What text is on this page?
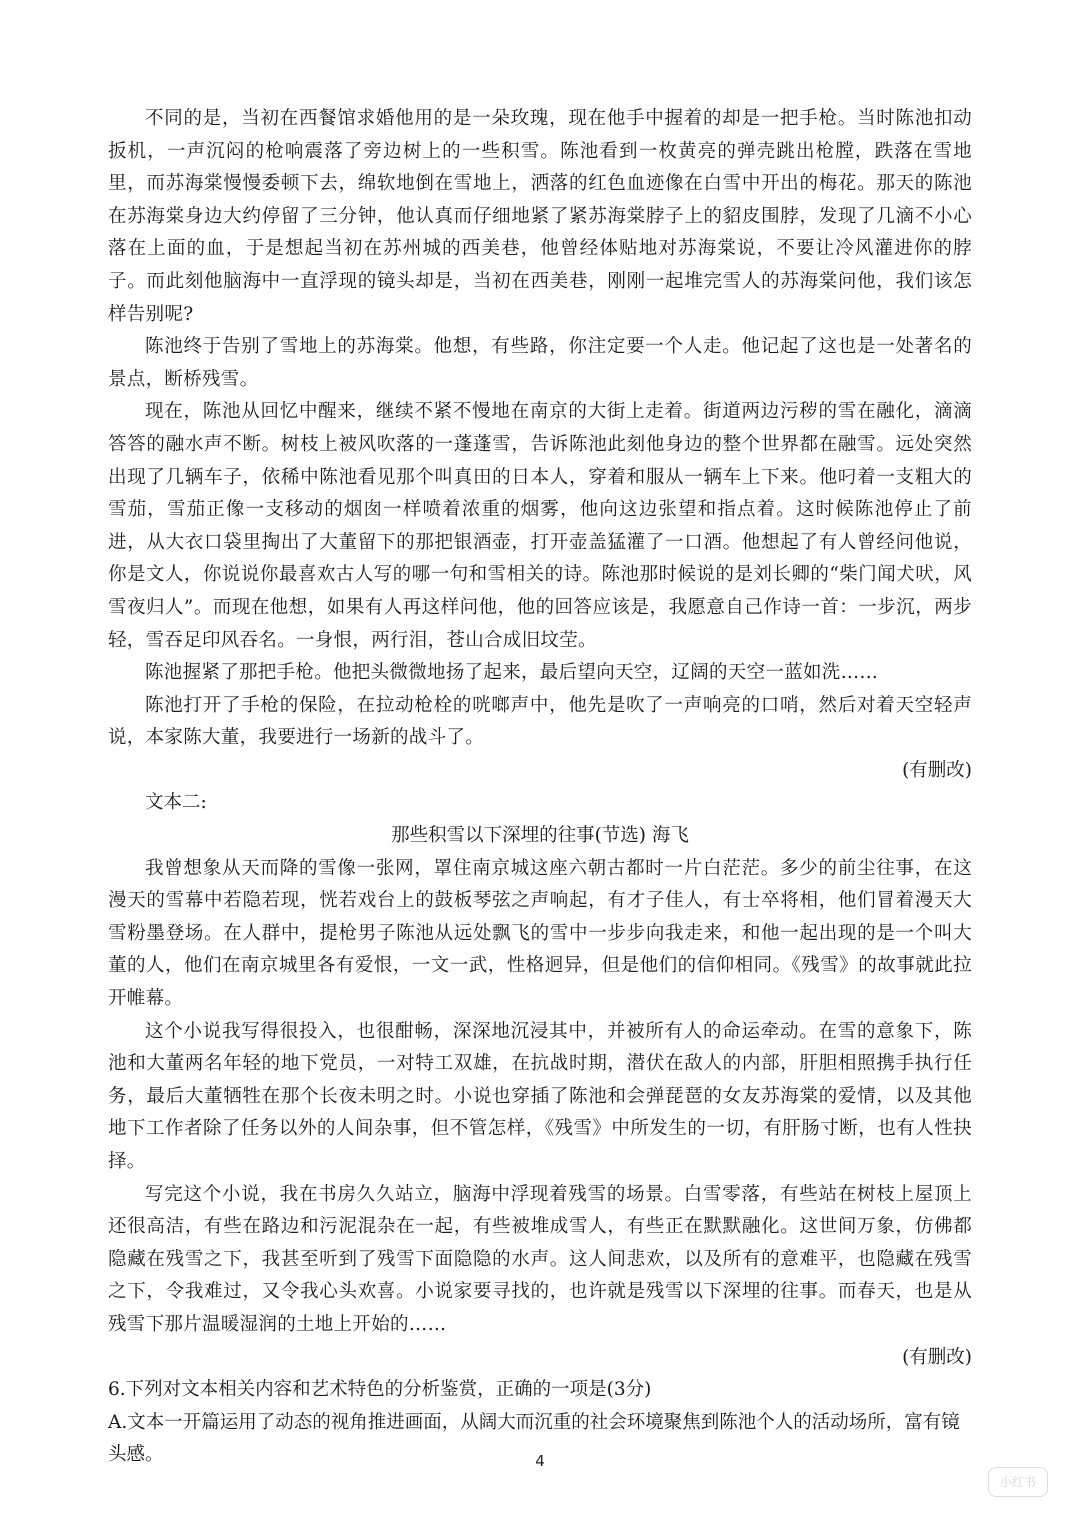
不同的是，当初在西餐馆求婚他用的是一朵玫瑰，现在他手中握着的却是一把手枪。当时陈池扣动扳机，一声沉闷的枪响震落了旁边树上的一些积雪。陈池看到一枚黄亮的弹壳跳出枪膛，跌落在雪地里，而苏海棠慢慢委顿下去，绵软地倒在雪地上，洒落的红色血迹像在白雪中开出的梅花。那天的陈池在苏海棠身边大约停留了三分钟，他认真而仔细地紧了紧苏海棠脖子上的貂皮围脖，发现了几滴不小心落在上面的血，于是想起当初在苏州城的西美巷，他曾经体贴地对苏海棠说，不要让冷风灌进你的脖子。而此刻他脑海中一直浮现的镜头却是，当初在西美巷，刚刚一起堆完雪人的苏海棠问他，我们该怎样告别呢?

陈池终于告别了雪地上的苏海棠。他想，有些路，你注定要一个人走。他记起了这也是一处著名的景点，断桥残雪。

现在，陈池从回忆中醒来，继续不紧不慢地在南京的大街上走着。街道两边污秽的雪在融化，滴滴答答的融水声不断。树枝上被风吹落的一蓬蓬雪，告诉陈池此刻他身边的整个世界都在融雪。远处突然出现了几辆车子，依稀中陈池看见那个叫真田的日本人，穿着和服从一辆车上下来。他叼着一支粗大的雪茄，雪茄正像一支移动的烟囱一样喷着浓重的烟雾，他向这边张望和指点着。这时候陈池停止了前进，从大衣口袋里掏出了大董留下的那把银酒壶，打开壶盖猛灌了一口酒。他想起了有人曾经问他说，你是文人，你说说你最喜欢古人写的哪一句和雪相关的诗。陈池那时候说的是刘长卿的“柴门闻犬吠，风雪夜归人”。而现在他想，如果有人再这样问他，他的回答应该是，我愿意自己作诗一首：一步沉，两步轻，雪吞足印风吞名。一身恨，两行泪，苍山合成旧坟茔。

陈池握紧了那把手枪。他把头微微地扬了起来，最后望向天空，辽阔的天空一蓝如洗……

陈池打开了手枪的保险，在拉动枪栓的咣啷声中，他先是吹了一声响亮的口哨，然后对着天空轻声说，本家陈大董，我要进行一场新的战斗了。

(有删改)

文本二:

那些积雪以下深埋的往事(节选) 海飞

我曾想象从天而降的雪像一张网，罩住南京城这座六朝古都时一片白茫茫。多少的前尘往事，在这漫天的雪幕中若隐若现，恍若戏台上的鼓板琴弦之声响起，有才子佳人，有士卒将相，他们冒着漫天大雪粉墨登场。在人群中，提枪男子陈池从远处飘飞的雪中一步步向我走来，和他一起出现的是一个叫大董的人，他们在南京城里各有爱恨，一文一武，性格迥异，但是他们的信仰相同。《残雪》的故事就此拉开帷幕。

这个小说我写得很投入，也很酣畅，深深地沉浸其中，并被所有人的命运牵动。在雪的意象下，陈池和大董两名年轻的地下党员，一对特工双雄，在抗战时期，潜伏在敌人的内部，肝胆相照携手执行任务，最后大董牺牲在那个长夜未明之时。小说也穿插了陈池和会弹琵琶的女友苏海棠的爱情，以及其他地下工作者除了任务以外的人间杂事，但不管怎样，《残雪》中所发生的一切，有肝肠寸断，也有人性抉择。

写完这个小说，我在书房久久站立，脑海中浮现着残雪的场景。白雪零落，有些站在树枝上屋顶上还很高洁，有些在路边和污泥混杂在一起，有些被堆成雪人，有些正在默默融化。这世间万象，仿佛都隐藏在残雪之下，我甚至听到了残雪下面隐隐的水声。这人间悲欢，以及所有的意难平，也隐藏在残雪之下，令我难过，又令我心头欢喜。小说家要寻找的，也许就是残雪以下深埋的往事。而春天，也是从残雪下那片温暖湿润的土地上开始的……

(有删改)

6.下列对文本相关内容和艺术特色的分析鉴赏，正确的一项是(3分)

A.文本一开篇运用了动态的视角推进画面，从阔大而沉重的社会环境聚焦到陈池个人的活动场所，富有镜头感。	4
小红书
